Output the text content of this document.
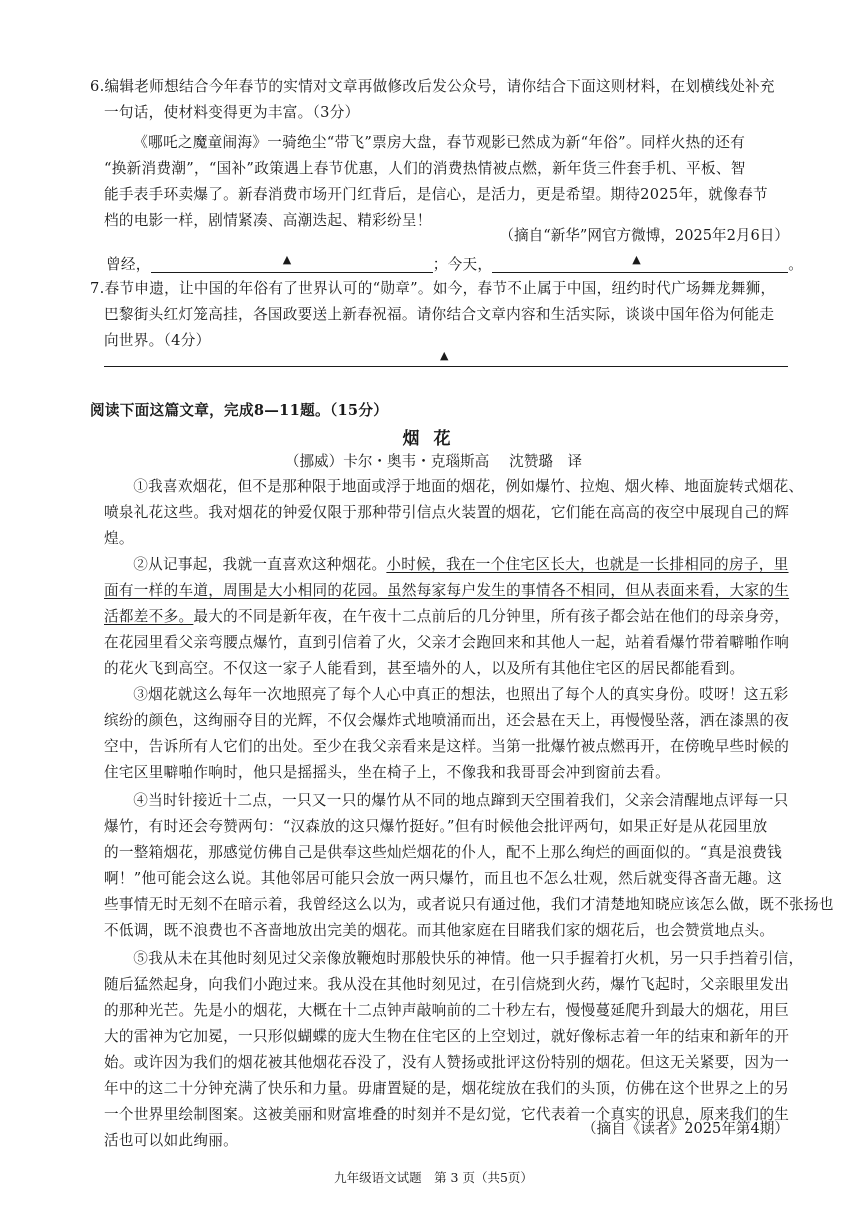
6.编辑老师想结合今年春节的实情对文章再做修改后发公众号，请你结合下面这则材料，在划横线处补充
一句话，使材料变得更为丰富。（3分）
《哪吒之魔童闹海》一骑绝尘“带飞”票房大盘，春节观影已然成为新“年俗”。同样火热的还有
“换新消费潮”，“国补”政策遇上春节优惠，人们的消费热情被点燃，新年货三件套手机、平板、智
能手表手环卖爆了。新春消费市场开门红背后，是信心，是活力，更是希望。期待2025年，就像春节
档的电影一样，剧情紧凑、高潮迭起、精彩纷呈！
（摘自“新华”网官方微博，2025年2月6日）
曾经，	▲	；今天，	▲	。
7.春节申遗，让中国的年俗有了世界认可的“勋章”。如今，春节不止属于中国，纽约时代广场舞龙舞狮，
巴黎街头红灯笼高挂，各国政要送上新春祝福。请你结合文章内容和生活实际，谈谈中国年俗为何能走
向世界。（4分）
▲
阅读下面这篇文章，完成8—11题。（15分）
烟花
（挪威）卡尔・奥韦・克瑙斯高 沈赞璐　译
①我喜欢烟花，但不是那种限于地面或浮于地面的烟花，例如爆竹、拉炮、烟火棒、地面旋转式烟花、
喷泉礼花这些。我对烟花的钟爱仅限于那种带引信点火装置的烟花，它们能在高高的夜空中展现自己的辉
煌。
②从记事起，我就一直喜欢这种烟花。小时候，我在一个住宅区长大，也就是一长排相同的房子，里
面有一样的车道，周围是大小相同的花园。虽然每家每户发生的事情各不相同，但从表面来看，大家的生
活都差不多。最大的不同是新年夜，在午夜十二点前后的几分钟里，所有孩子都会站在他们的母亲身旁，
在花园里看父亲弯腰点爆竹，直到引信着了火，父亲才会跑回来和其他人一起，站着看爆竹带着噼啪作响
的花火飞到高空。不仅这一家子人能看到，甚至墙外的人，以及所有其他住宅区的居民都能看到。
③烟花就这么每年一次地照亮了每个人心中真正的想法，也照出了每个人的真实身份。哎呀！这五彩
缤纷的颜色，这绚丽夺目的光辉，不仅会爆炸式地喷涌而出，还会悬在天上，再慢慢坠落，洒在漆黑的夜
空中，告诉所有人它们的出处。至少在我父亲看来是这样。当第一批爆竹被点燃再开，在傍晚早些时候的
住宅区里噼啪作响时，他只是摇摇头，坐在椅子上，不像我和我哥哥会冲到窗前去看。
④当时针接近十二点，一只又一只的爆竹从不同的地点蹿到天空围着我们，父亲会清醒地点评每一只
爆竹，有时还会夸赞两句：“汉森放的这只爆竹挺好。”但有时候他会批评两句，如果正好是从花园里放
的一整箱烟花，那感觉仿佛自己是供奉这些灿烂烟花的仆人，配不上那么绚烂的画面似的。“真是浪费钱
啊！”他可能会这么说。其他邻居可能只会放一两只爆竹，而且也不怎么壮观，然后就变得吝啬无趣。这
些事情无时无刻不在暗示着，我曾经这么以为，或者说只有通过他，我们才清楚地知晓应该怎么做，既不张扬也
不低调，既不浪费也不吝啬地放出完美的烟花。而其他家庭在目睹我们家的烟花后，也会赞赏地点头。
⑤我从未在其他时刻见过父亲像放鞭炮时那般快乐的神情。他一只手握着打火机，另一只手挡着引信，
随后猛然起身，向我们小跑过来。我从没在其他时刻见过，在引信烧到火药，爆竹飞起时，父亲眼里发出
的那种光芒。先是小的烟花，大概在十二点钟声敲响前的二十秒左右，慢慢蔓延爬升到最大的烟花，用巨
大的雷神为它加冕，一只形似蝴蝶的庞大生物在住宅区的上空划过，就好像标志着一年的结束和新年的开
始。或许因为我们的烟花被其他烟花吞没了，没有人赞扬或批评这份特别的烟花。但这无关紧要，因为一
年中的这二十分钟充满了快乐和力量。毋庸置疑的是，烟花绽放在我们的头顶，仿佛在这个世界之上的另
一个世界里绘制图案。这被美丽和财富堆叠的时刻并不是幻觉，它代表着一个真实的讯息，原来我们的生
活也可以如此绚丽。
（摘自《读者》2025年第4期）
九年级语文试题　第 3 页（共5页）
